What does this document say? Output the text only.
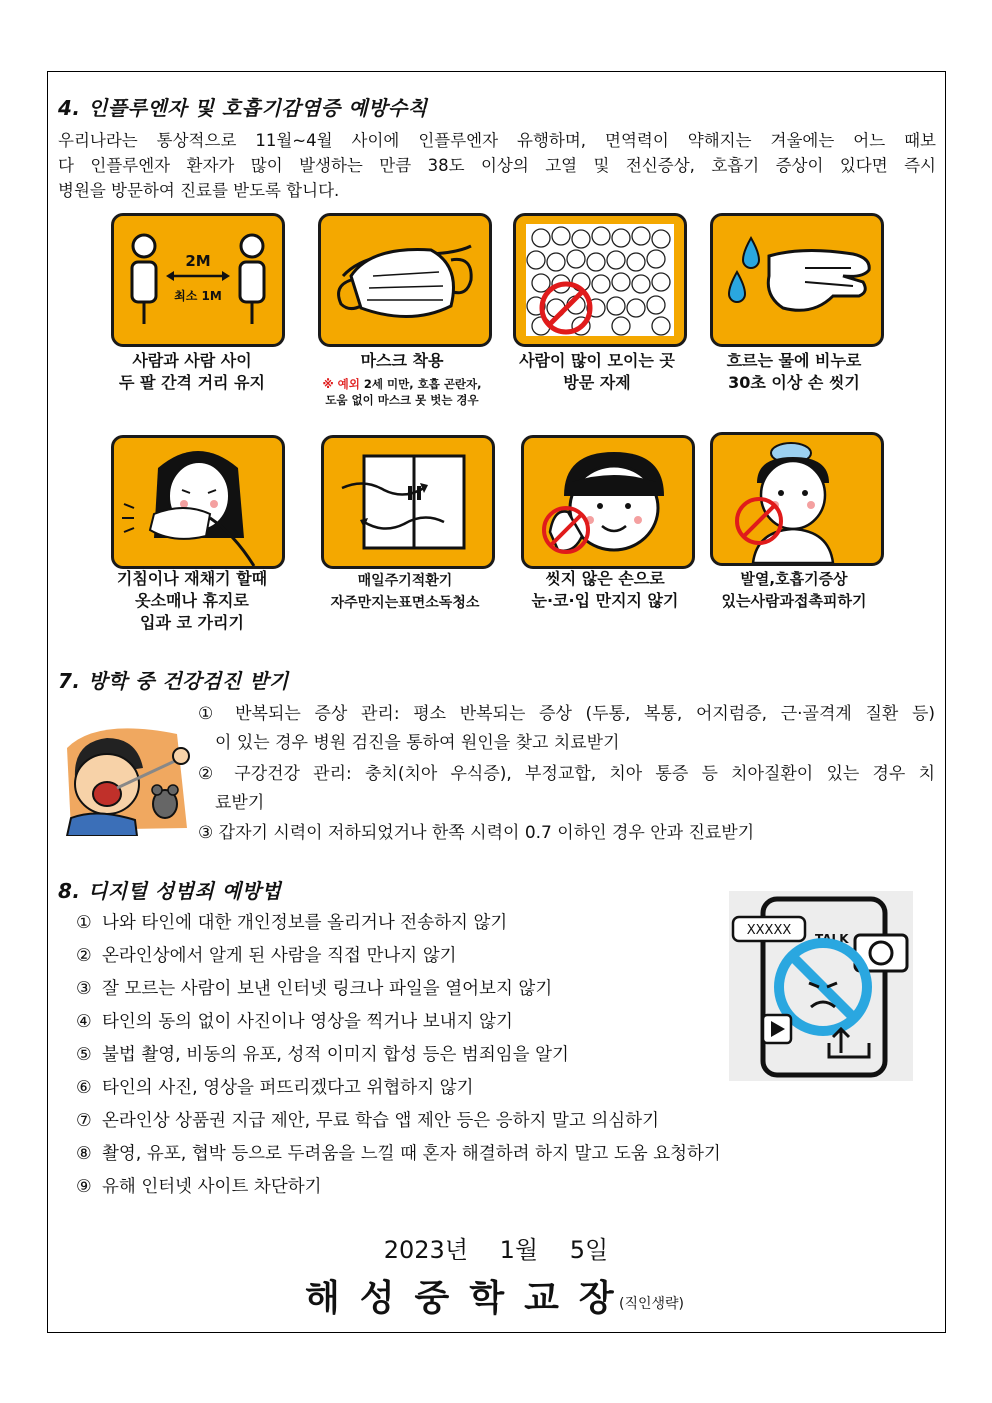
4. 인플루엔자 및 호흡기감염증 예방수칙
우리나라는 통상적으로 11월~4월 사이에 인플루엔자 유행하며, 면역력이 약해지는 겨울에는 어느 때보
다 인플루엔자 환자가 많이 발생하는 만큼 38도 이상의 고열 및 전신증상, 호흡기 증상이 있다면 즉시
병원을 방문하여 진료를 받도록 합니다.
2M
최소 1M
사람과 사람 사이
두 팔 간격 거리 유지
마스크 착용
※ 예외 2세 미만, 호흡 곤란자,
도움 없이 마스크 못 벗는 경우
사람이 많이 모이는 곳
방문 자제
흐르는 물에 비누로
30초 이상 손 씻기
기침이나 재채기 할때
옷소매나 휴지로
입과 코 가리기
매일주기적환기
자주만지는표면소독청소
씻지 않은 손으로
눈·코·입 만지지 않기
발열,호흡기증상
있는사람과접촉피하기
7. 방학 중 건강검진 받기
① 반복되는 증상 관리: 평소 반복되는 증상 (두통, 복통, 어지럼증, 근·골격계 질환 등)
이 있는 경우 병원 검진을 통하여 원인을 찾고 치료받기
② 구강건강 관리: 충치(치아 우식증), 부정교합, 치아 통증 등 치아질환이 있는 경우 치
료받기
③ 갑자기 시력이 저하되었거나 한쪽 시력이 0.7 이하인 경우 안과 진료받기
8. 디지털 성범죄 예방법
XXXXX
TALK
① 나와 타인에 대한 개인정보를 올리거나 전송하지 않기
② 온라인상에서 알게 된 사람을 직접 만나지 않기
③ 잘 모르는 사람이 보낸 인터넷 링크나 파일을 열어보지 않기
④ 타인의 동의 없이 사진이나 영상을 찍거나 보내지 않기
⑤ 불법 촬영, 비동의 유포, 성적 이미지 합성 등은 범죄임을 알기
⑥ 타인의 사진, 영상을 퍼뜨리겠다고 위협하지 않기
⑦ 온라인상 상품권 지급 제안, 무료 학습 앱 제안 등은 응하지 말고 의심하기
⑧ 촬영, 유포, 협박 등으로 두려움을 느낄 때 혼자 해결하려 하지 말고 도움 요청하기
⑨ 유해 인터넷 사이트 차단하기
2023년 1월 5일
해성중학교장
(직인생략)
